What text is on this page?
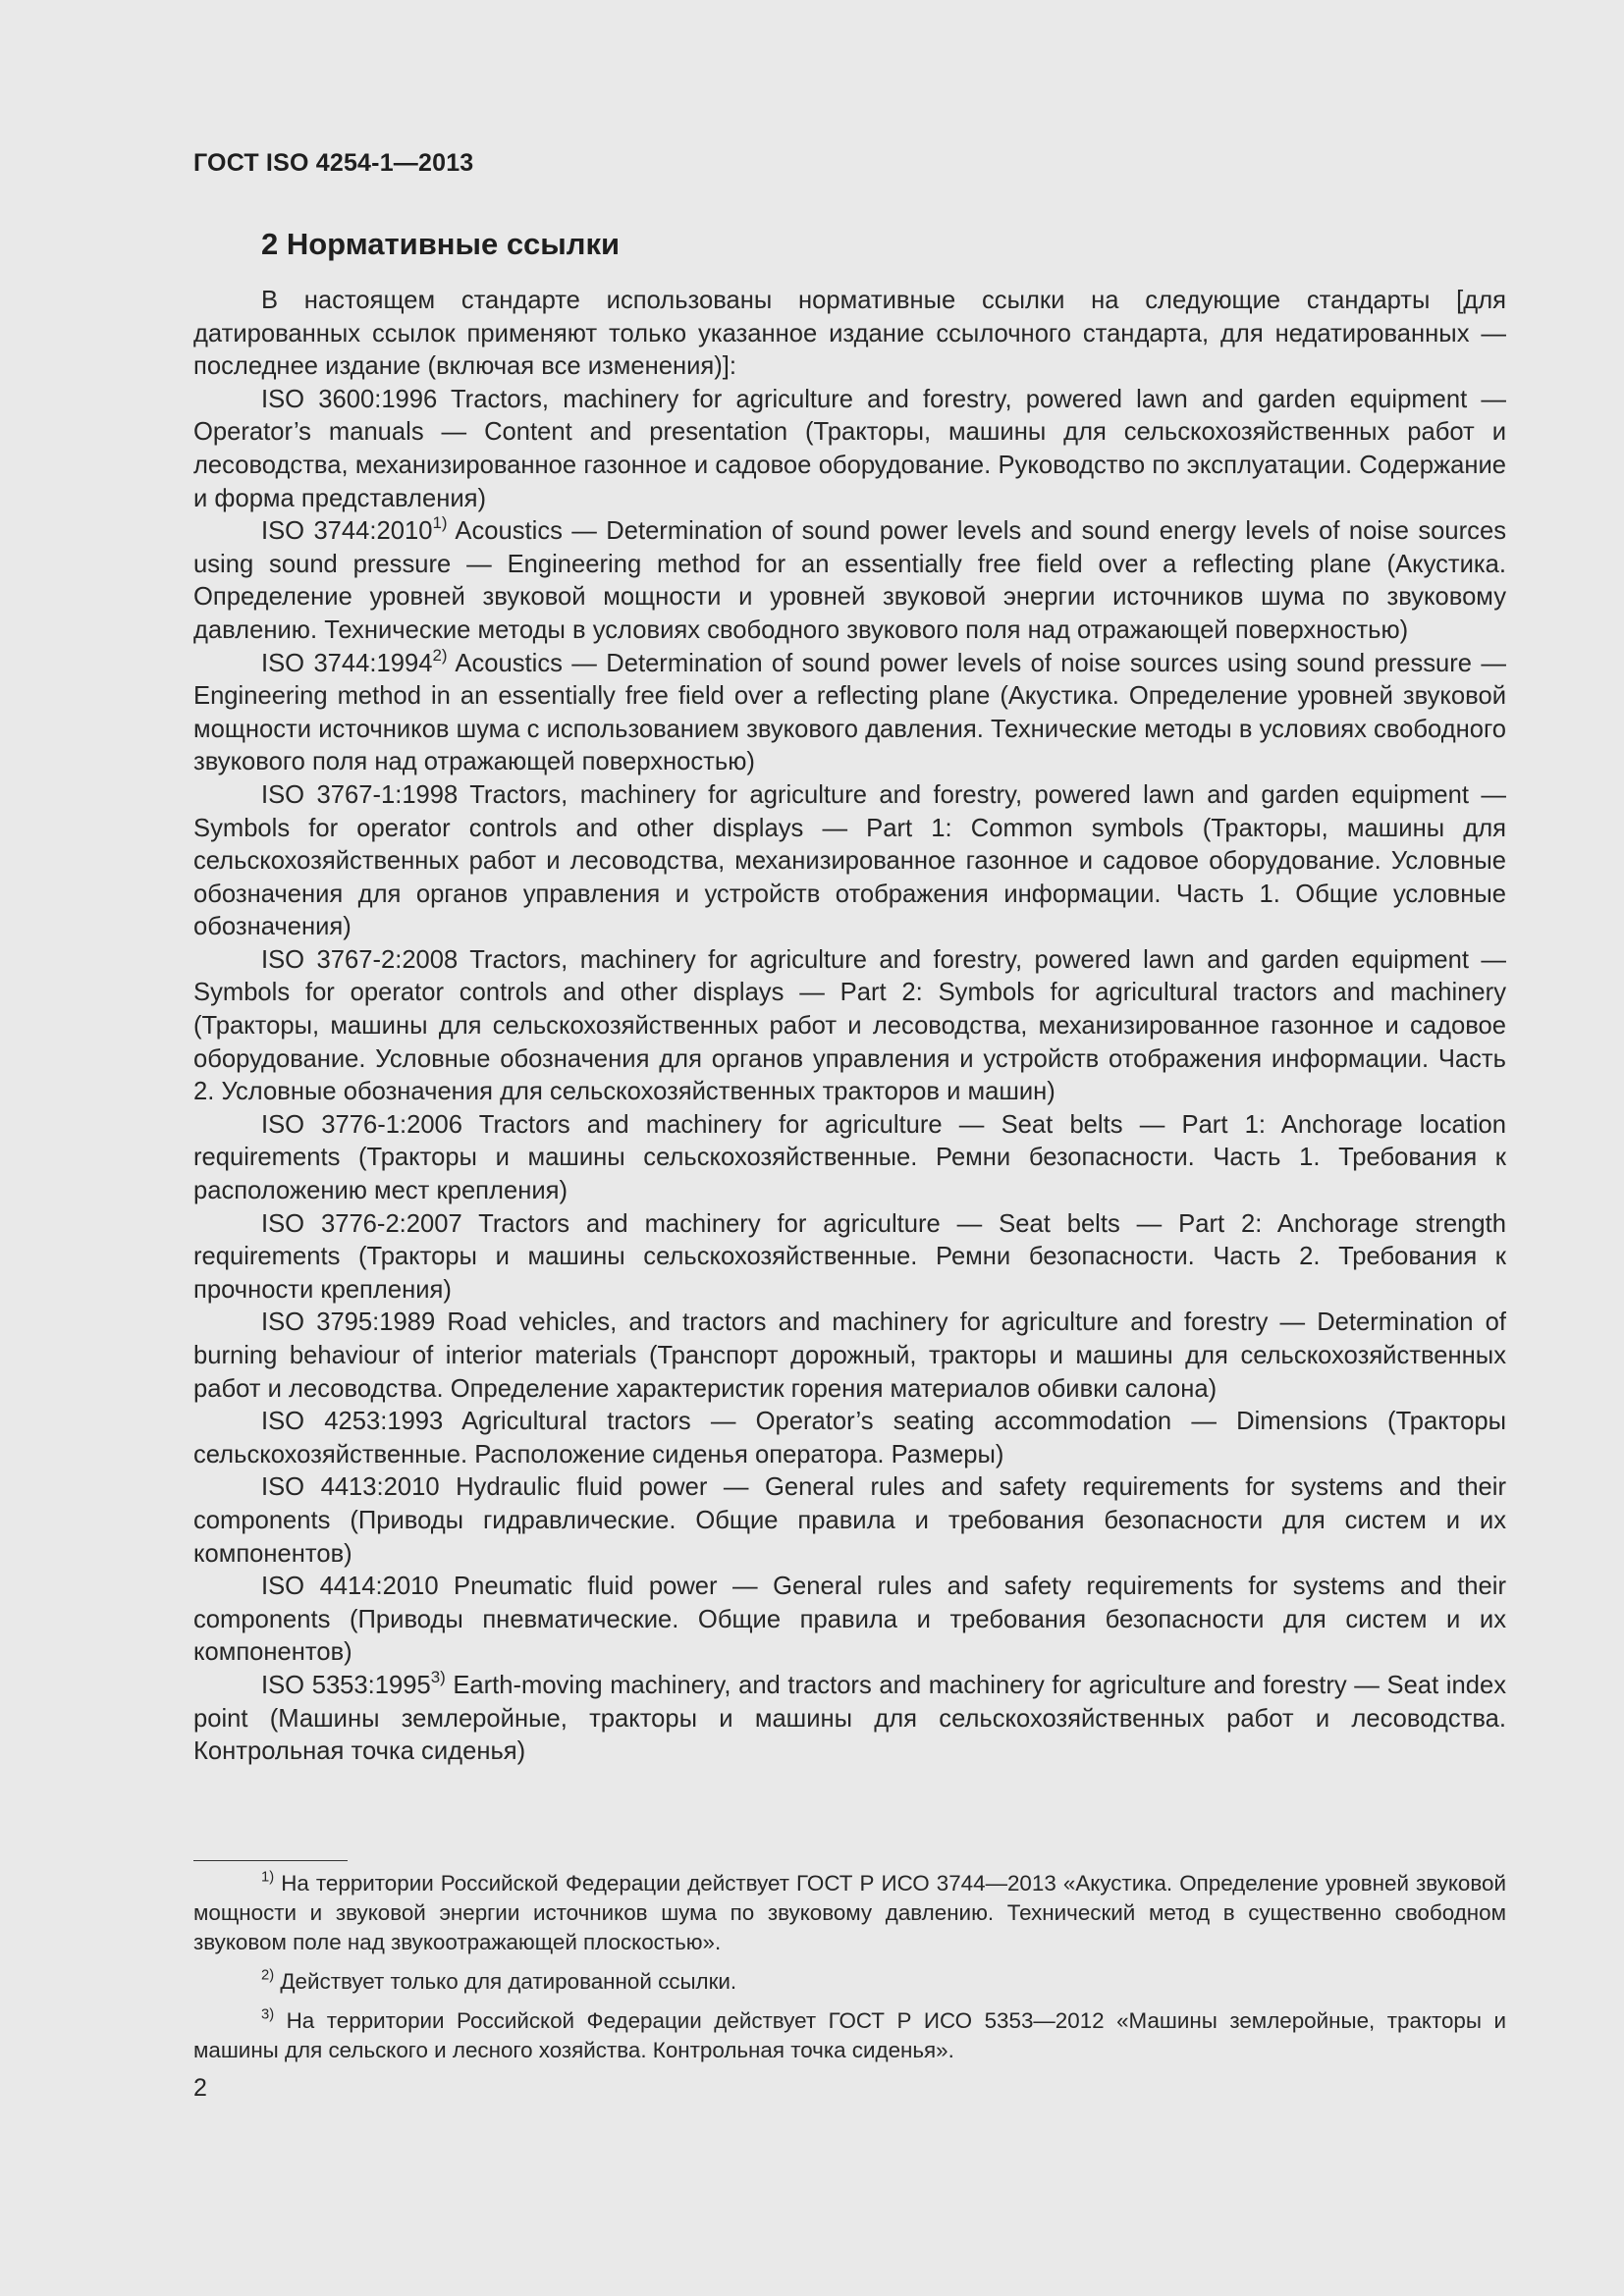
ГОСТ ISO 4254-1—2013
2 Нормативные ссылки

В настоящем стандарте использованы нормативные ссылки на следующие стандарты [для датированных ссылок применяют только указанное издание ссылочного стандарта, для недатированных — последнее издание (включая все изменения)]:

ISO 3600:1996 Tractors, machinery for agriculture and forestry, powered lawn and garden equipment — Operator’s manuals — Content and presentation (Тракторы, машины для сельскохозяйственных работ и лесоводства, механизированное газонное и садовое оборудование. Руководство по эксплуатации. Содержание и форма представления)

ISO 3744:2010$^{1)}$ Acoustics — Determination of sound power levels and sound energy levels of noise sources using sound pressure — Engineering method for an essentially free field over a reflecting plane (Акустика. Определение уровней звуковой мощности и уровней звуковой энергии источников шума по звуковому давлению. Технические методы в условиях свободного звукового поля над отражающей поверхностью)

ISO 3744:1994$^{2)}$ Acoustics — Determination of sound power levels of noise sources using sound pressure — Engineering method in an essentially free field over a reflecting plane (Акустика. Определение уровней звуковой мощности источников шума с использованием звукового давления. Технические методы в условиях свободного звукового поля над отражающей поверхностью)

ISO 3767-1:1998 Tractors, machinery for agriculture and forestry, powered lawn and garden equipment — Symbols for operator controls and other displays — Part 1: Common symbols (Тракторы, машины для сельскохозяйственных работ и лесоводства, механизированное газонное и садовое оборудование. Условные обозначения для органов управления и устройств отображения информации. Часть 1. Общие условные обозначения)

ISO 3767-2:2008 Tractors, machinery for agriculture and forestry, powered lawn and garden equipment — Symbols for operator controls and other displays — Part 2: Symbols for agricultural tractors and machinery (Тракторы, машины для сельскохозяйственных работ и лесоводства, механизированное газонное и садовое оборудование. Условные обозначения для органов управления и устройств отображения информации. Часть 2. Условные обозначения для сельскохозяйственных тракторов и машин)

ISO 3776-1:2006 Tractors and machinery for agriculture — Seat belts — Part 1: Anchorage location requirements (Тракторы и машины сельскохозяйственные. Ремни безопасности. Часть 1. Требования к расположению мест крепления)

ISO 3776-2:2007 Tractors and machinery for agriculture — Seat belts — Part 2: Anchorage strength requirements (Тракторы и машины сельскохозяйственные. Ремни безопасности. Часть 2. Требования к прочности крепления)

ISO 3795:1989 Road vehicles, and tractors and machinery for agriculture and forestry — Determination of burning behaviour of interior materials (Транспорт дорожный, тракторы и машины для сельскохозяйственных работ и лесоводства. Определение характеристик горения материалов обивки салона)

ISO 4253:1993 Agricultural tractors — Operator’s seating accommodation — Dimensions (Тракторы сельскохозяйственные. Расположение сиденья оператора. Размеры)

ISO 4413:2010 Hydraulic fluid power — General rules and safety requirements for systems and their components (Приводы гидравлические. Общие правила и требования безопасности для систем и их компонентов)

ISO 4414:2010 Pneumatic fluid power — General rules and safety requirements for systems and their components (Приводы пневматические. Общие правила и требования безопасности для систем и их компонентов)

ISO 5353:1995$^{3)}$ Earth-moving machinery, and tractors and machinery for agriculture and forestry — Seat index point (Машины землеройные, тракторы и машины для сельскохозяйственных работ и лесоводства. Контрольная точка сиденья)

$^{1)}$ На территории Российской Федерации действует ГОСТ Р ИСО 3744—2013 «Акустика. Определение уровней звуковой мощности и звуковой энергии источников шума по звуковому давлению. Технический метод в существенно свободном звуковом поле над звукоотражающей плоскостью».

$^{2)}$ Действует только для датированной ссылки.

$^{3)}$ На территории Российской Федерации действует ГОСТ Р ИСО 5353—2012 «Машины землеройные, тракторы и машины для сельского и лесного хозяйства. Контрольная точка сиденья».

2
